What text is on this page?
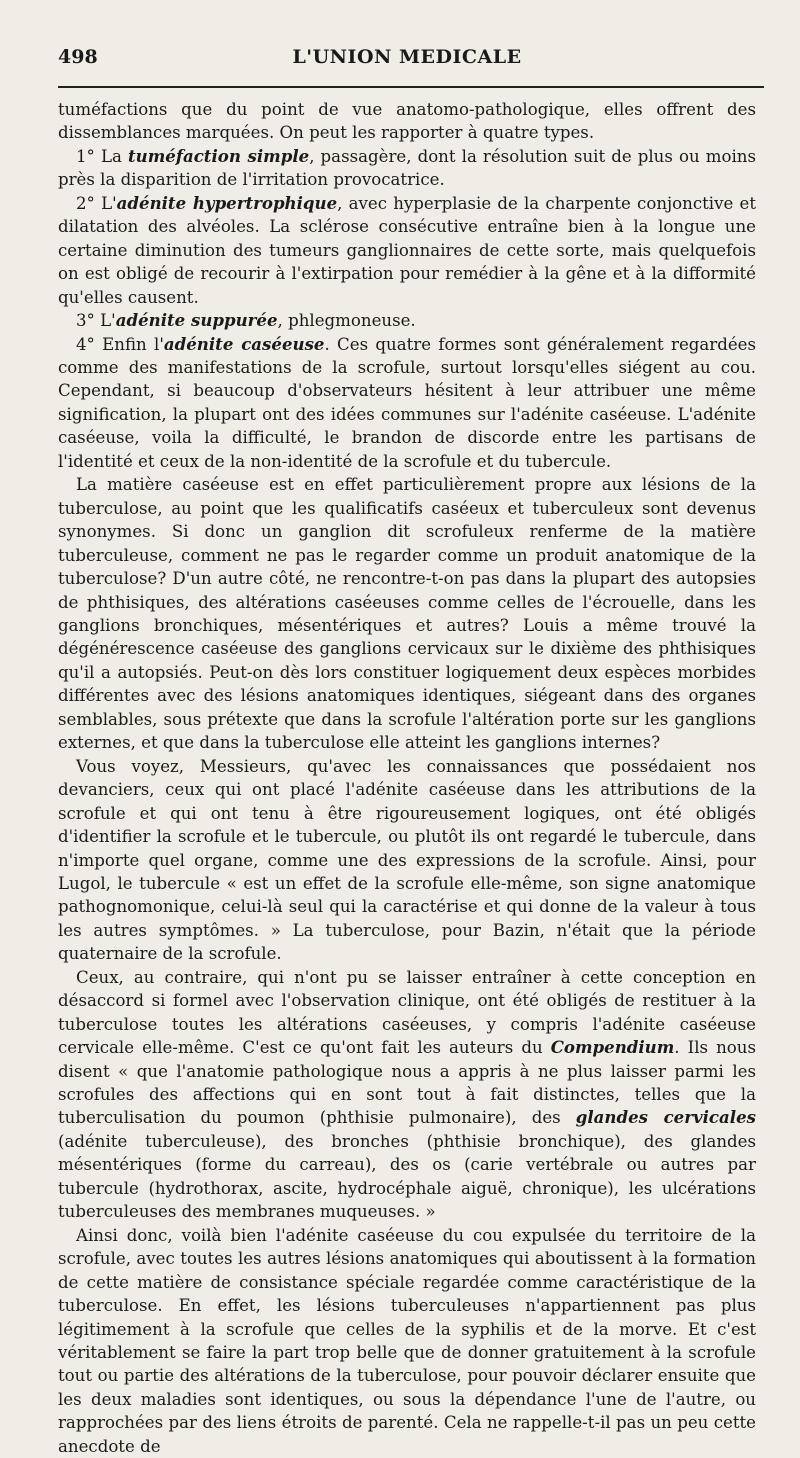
498	L'UNION MEDICALE

tuméfactions que du point de vue anatomo-pathologique, elles offrent des dissemblances marquées. On peut les rapporter à quatre types.

1° La tuméfaction simple, passagère, dont la résolution suit de plus ou moins près la disparition de l'irritation provocatrice.

2° L'adénite hypertrophique, avec hyperplasie de la charpente conjonctive et dilatation des alvéoles. La sclérose consécutive entraîne bien à la longue une certaine diminution des tumeurs ganglionnaires de cette sorte, mais quelquefois on est obligé de recourir à l'extirpation pour remédier à la gêne et à la difformité qu'elles causent.

3° L'adénite suppurée, phlegmoneuse.

4° Enfin l'adénite caséeuse. Ces quatre formes sont généralement regardées comme des manifestations de la scrofule, surtout lorsqu'elles siégent au cou. Cependant, si beaucoup d'observateurs hésitent à leur attribuer une même signification, la plupart ont des idées communes sur l'adénite caséeuse. L'adénite caséeuse, voila la difficulté, le brandon de discorde entre les partisans de l'identité et ceux de la non-identité de la scrofule et du tubercule.

La matière caséeuse est en effet particulièrement propre aux lésions de la tuberculose, au point que les qualificatifs caséeux et tuberculeux sont devenus synonymes. Si donc un ganglion dit scrofuleux renferme de la matière tuberculeuse, comment ne pas le regarder comme un produit anatomique de la tuberculose? D'un autre côté, ne rencontre-t-on pas dans la plupart des autopsies de phthisiques, des altérations caséeuses comme celles de l'écrouelle, dans les ganglions bronchiques, mésentériques et autres? Louis a même trouvé la dégénérescence caséeuse des ganglions cervicaux sur le dixième des phthisiques qu'il a autopsiés. Peut-on dès lors constituer logiquement deux espèces morbides différentes avec des lésions anatomiques identiques, siégeant dans des organes semblables, sous prétexte que dans la scrofule l'altération porte sur les ganglions externes, et que dans la tuberculose elle atteint les ganglions internes?

Vous voyez, Messieurs, qu'avec les connaissances que possédaient nos devanciers, ceux qui ont placé l'adénite caséeuse dans les attributions de la scrofule et qui ont tenu à être rigoureusement logiques, ont été obligés d'identifier la scrofule et le tubercule, ou plutôt ils ont regardé le tubercule, dans n'importe quel organe, comme une des expressions de la scrofule. Ainsi, pour Lugol, le tubercule « est un effet de la scrofule elle-même, son signe anatomique pathognomonique, celui-là seul qui la caractérise et qui donne de la valeur à tous les autres symptômes. » La tuberculose, pour Bazin, n'était que la période quaternaire de la scrofule.

Ceux, au contraire, qui n'ont pu se laisser entraîner à cette conception en désaccord si formel avec l'observation clinique, ont été obligés de restituer à la tuberculose toutes les altérations caséeuses, y compris l'adénite caséeuse cervicale elle-même. C'est ce qu'ont fait les auteurs du Compendium. Ils nous disent « que l'anatomie pathologique nous a appris à ne plus laisser parmi les scrofules des affections qui en sont tout à fait distinctes, telles que la tuberculisation du poumon (phthisie pulmonaire), des glandes cervicales (adénite tuberculeuse), des bronches (phthisie bronchique), des glandes mésentériques (forme du carreau), des os (carie vertébrale ou autres par tubercule (hydrothorax, ascite, hydrocéphale aiguë, chronique), les ulcérations tuberculeuses des membranes muqueuses. »

Ainsi donc, voilà bien l'adénite caséeuse du cou expulsée du territoire de la scrofule, avec toutes les autres lésions anatomiques qui aboutissent à la formation de cette matière de consistance spéciale regardée comme caractéristique de la tuberculose. En effet, les lésions tuberculeuses n'appartiennent pas plus légitimement à la scrofule que celles de la syphilis et de la morve. Et c'est véritablement se faire la part trop belle que de donner gratuitement à la scrofule tout ou partie des altérations de la tuberculose, pour pouvoir déclarer ensuite que les deux maladies sont identiques, ou sous la dépendance l'une de l'autre, ou rapprochées par des liens étroits de parenté. Cela ne rappelle-t-il pas un peu cette anecdote de
